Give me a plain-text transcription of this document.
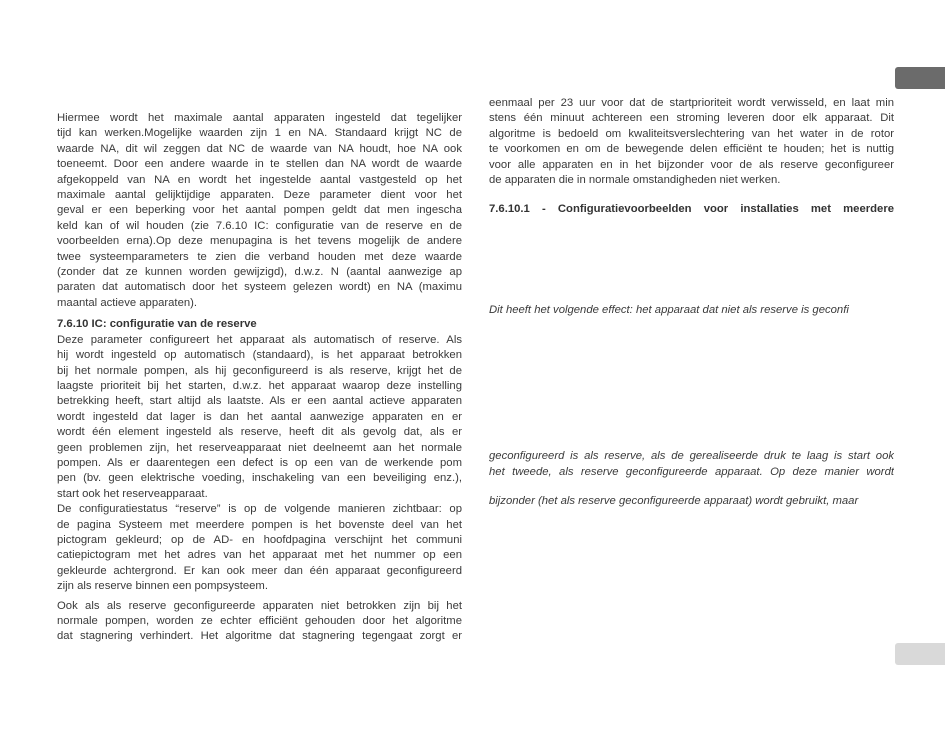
Hiermee wordt het maximale aantal apparaten ingesteld dat tegelijker
tijd kan werken.Mogelijke waarden zijn 1 en NA. Standaard krijgt NC de
waarde NA, dit wil zeggen dat NC de waarde van NA houdt, hoe NA ook
toeneemt. Door een andere waarde in te stellen dan NA wordt de waarde
afgekoppeld van NA en wordt het ingestelde aantal vastgesteld op het
maximale aantal gelijktijdige apparaten. Deze parameter dient voor het
geval er een beperking voor het aantal pompen geldt dat men ingescha
keld kan of wil houden (zie 7.6.10 IC: configuratie van de reserve en de
voorbeelden erna).Op deze menupagina is het tevens mogelijk de andere
twee systeemparameters te zien die verband houden met deze waarde
(zonder dat ze kunnen worden gewijzigd), d.w.z. N (aantal aanwezige ap
paraten dat automatisch door het systeem gelezen wordt) en NA (maximu
maantal actieve apparaten).
7.6.10 IC: configuratie van de reserve
Deze parameter configureert het apparaat als automatisch of reserve. Als
hij wordt ingesteld op automatisch (standaard), is het apparaat betrokken
bij het normale pompen, als hij geconfigureerd is als reserve, krijgt het de
laagste prioriteit bij het starten, d.w.z. het apparaat waarop deze instelling
betrekking heeft, start altijd als laatste. Als er een aantal actieve apparaten
wordt ingesteld dat lager is dan het aantal aanwezige apparaten en er
wordt één element ingesteld als reserve, heeft dit als gevolg dat, als er
geen problemen zijn, het reserveapparaat niet deelneemt aan het normale
pompen. Als er daarentegen een defect is op een van de werkende pom
pen (bv. geen elektrische voeding, inschakeling van een beveiliging enz.),
start ook het reserveapparaat.
De configuratiestatus “reserve” is op de volgende manieren zichtbaar: op
de pagina Systeem met meerdere pompen is het bovenste deel van het
pictogram gekleurd; op de AD- en hoofdpagina verschijnt het communi
catiepictogram met het adres van het apparaat met het nummer op een
gekleurde achtergrond. Er kan ook meer dan één apparaat geconfigureerd
zijn als reserve binnen een pompsysteem.
Ook als als reserve geconfigureerde apparaten niet betrokken zijn bij het
normale pompen, worden ze echter efficiënt gehouden door het algoritme
dat stagnering verhindert. Het algoritme dat stagnering tegengaat zorgt er
eenmaal per 23 uur voor dat de startprioriteit wordt verwisseld, en laat min
stens één minuut achtereen een stroming leveren door elk apparaat. Dit
algoritme is bedoeld om kwaliteitsverslechtering van het water in de rotor
te voorkomen en om de bewegende delen efficiënt te houden; het is nuttig
voor alle apparaten en in het bijzonder voor de als reserve geconfigureer
de apparaten die in normale omstandigheden niet werken.
7.6.10.1 - Configuratievoorbeelden voor installaties met meerdere
Dit heeft het volgende effect: het apparaat dat niet als reserve is geconfi
geconfigureerd is als reserve, als de gerealiseerde druk te laag is start ook
het tweede, als reserve geconfigureerde apparaat. Op deze manier wordt
bijzonder (het als reserve geconfigureerde apparaat) wordt gebruikt, maar
